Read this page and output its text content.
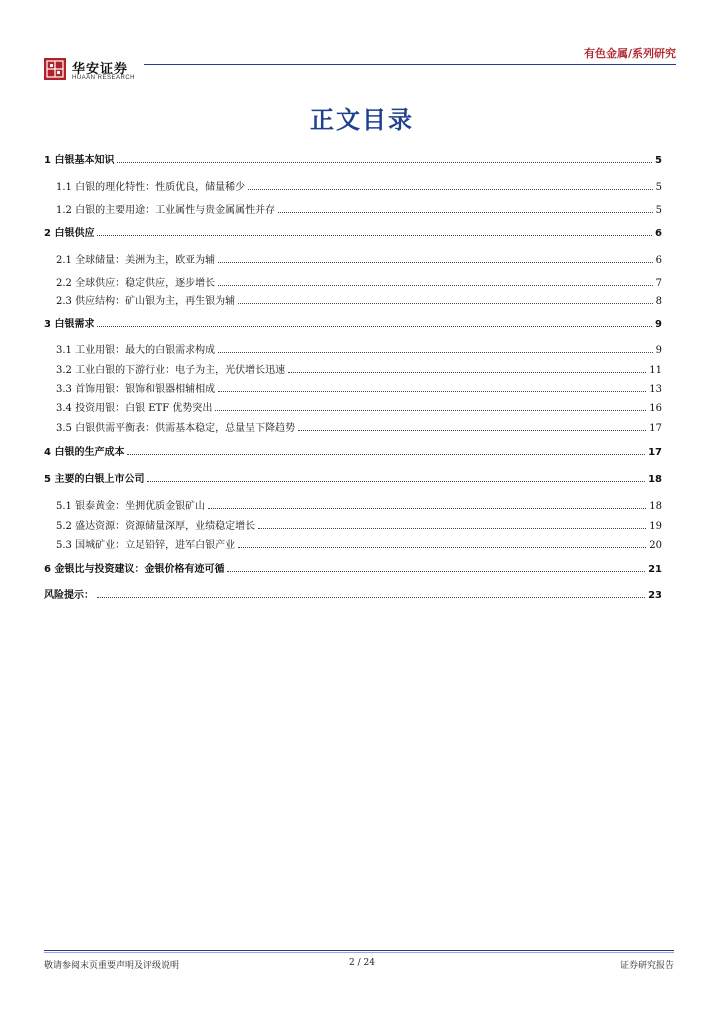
华安证券
HUAAN RESEARCH
有色金属/系列研究
正文目录
1 白银基本知识	5
1.1 白银的理化特性：性质优良，储量稀少	5
1.2 白银的主要用途：工业属性与贵金属属性并存	5
2 白银供应	6
2.1 全球储量：美洲为主，欧亚为辅	6
2.2 全球供应：稳定供应，逐步增长	7
2.3 供应结构：矿山银为主，再生银为辅	8
3 白银需求	9
3.1 工业用银：最大的白银需求构成	9
3.2 工业白银的下游行业：电子为主，光伏增长迅速	11
3.3 首饰用银：银饰和银器相辅相成	13
3.4 投资用银：白银 ETF 优势突出	16
3.5 白银供需平衡表：供需基本稳定，总量呈下降趋势	17
4 白银的生产成本	17
5 主要的白银上市公司	18
5.1 银泰黄金：坐拥优质金银矿山	18
5.2 盛达资源：资源储量深厚，业绩稳定增长	19
5.3 国城矿业：立足铅锌，进军白银产业	20
6 金银比与投资建议：金银价格有迹可循	21
风险提示：	23
敬请参阅末页重要声明及评级说明	2 / 24	证券研究报告
